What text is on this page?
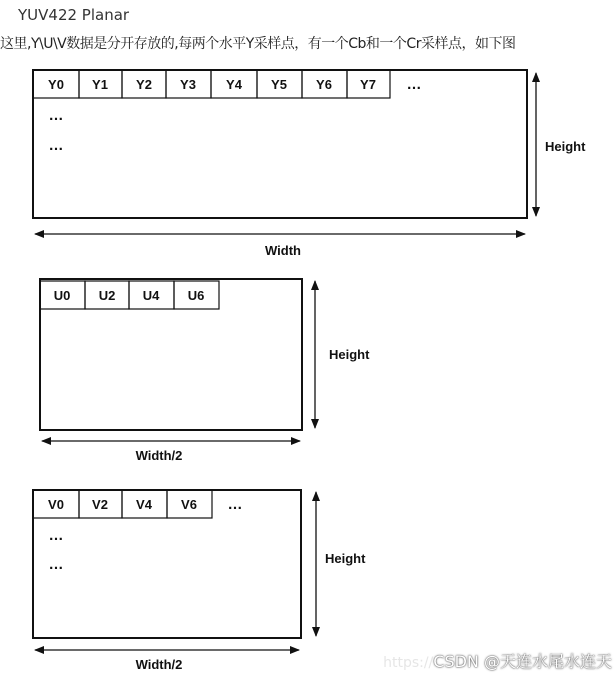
YUV422 Planar
这里,Y\U\V数据是分开存放的,每两个水平Y采样点，有一个Cb和一个Cr采样点，如下图
Y0 Y1 Y2 Y3 Y4 Y5 Y6 Y7 …
…
…	Height
Width
U0 U2 U4 U6
Height
Width/2
V0 V2 V4 V6 …
…
…	Height
Width/2	https://CSDN @天连水尾水连天
